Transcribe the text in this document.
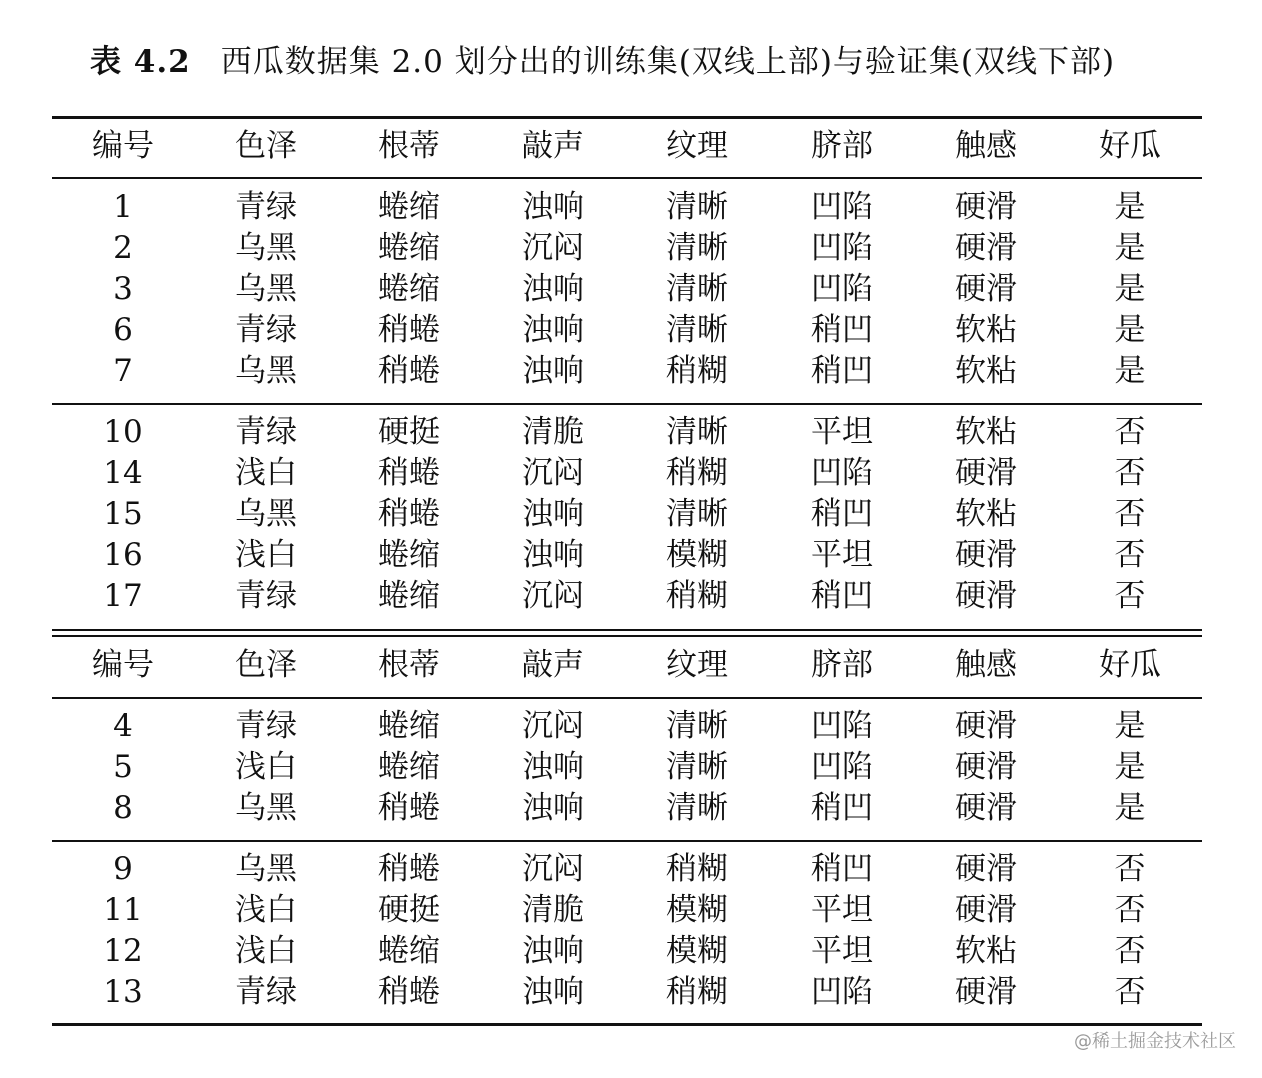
表 4.2 西瓜数据集 2.0 划分出的训练集(双线上部)与验证集(双线下部)
编号	色泽	根蒂	敲声	纹理	脐部	触感	好瓜
1	青绿	蜷缩	浊响	清晰	凹陷	硬滑	是
2	乌黑	蜷缩	沉闷	清晰	凹陷	硬滑	是
3	乌黑	蜷缩	浊响	清晰	凹陷	硬滑	是
6	青绿	稍蜷	浊响	清晰	稍凹	软粘	是
7	乌黑	稍蜷	浊响	稍糊	稍凹	软粘	是
10	青绿	硬挺	清脆	清晰	平坦	软粘	否
14	浅白	稍蜷	沉闷	稍糊	凹陷	硬滑	否
15	乌黑	稍蜷	浊响	清晰	稍凹	软粘	否
16	浅白	蜷缩	浊响	模糊	平坦	硬滑	否
17	青绿	蜷缩	沉闷	稍糊	稍凹	硬滑	否
编号	色泽	根蒂	敲声	纹理	脐部	触感	好瓜
4	青绿	蜷缩	沉闷	清晰	凹陷	硬滑	是
5	浅白	蜷缩	浊响	清晰	凹陷	硬滑	是
8	乌黑	稍蜷	浊响	清晰	稍凹	硬滑	是
9	乌黑	稍蜷	沉闷	稍糊	稍凹	硬滑	否
11	浅白	硬挺	清脆	模糊	平坦	硬滑	否
12	浅白	蜷缩	浊响	模糊	平坦	软粘	否
13	青绿	稍蜷	浊响	稍糊	凹陷	硬滑	否
@稀土掘金技术社区
